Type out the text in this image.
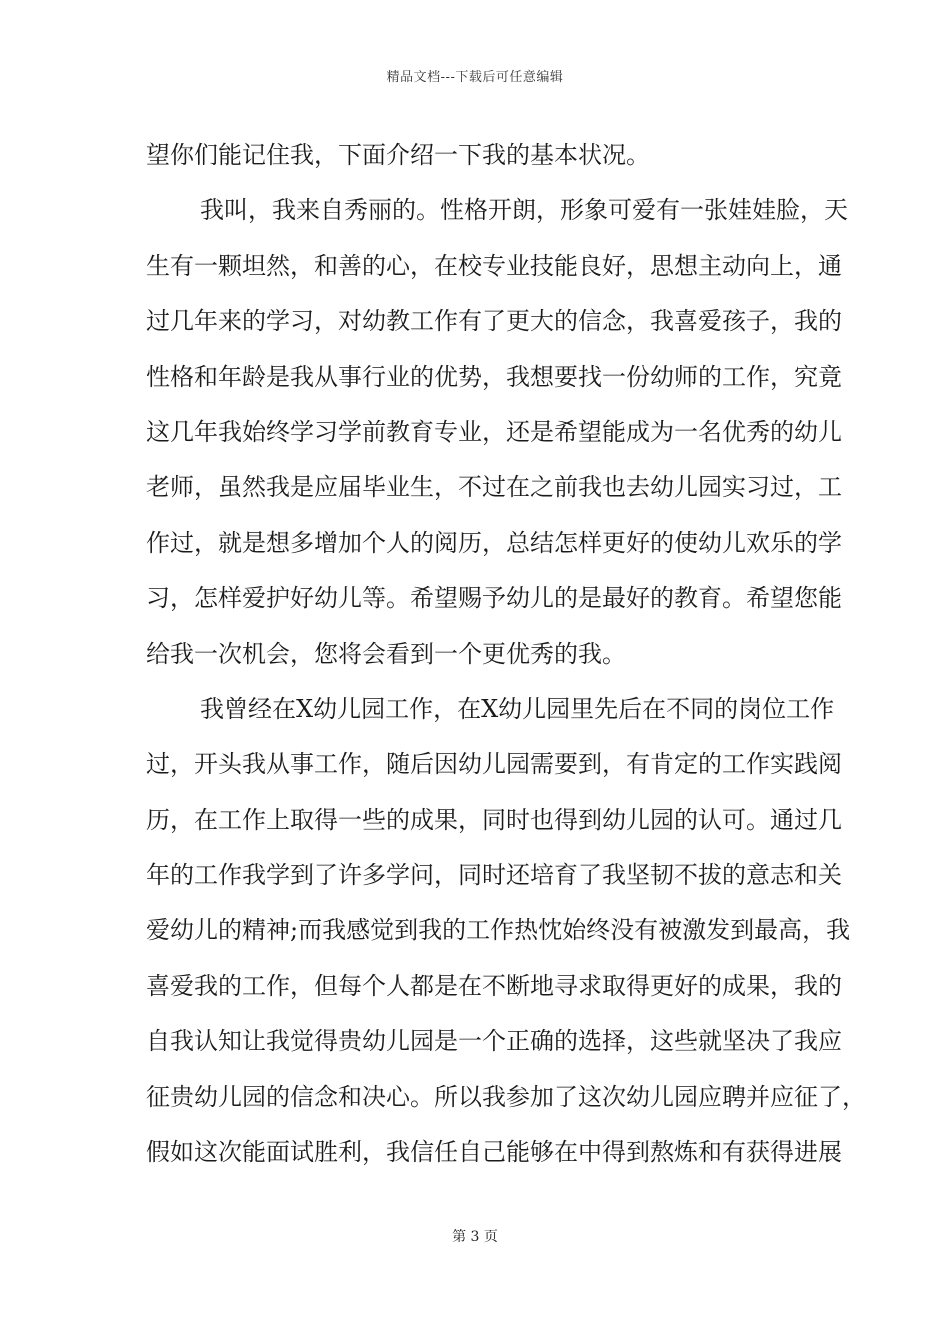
精品文档---下载后可任意编辑
望你们能记住我，下面介绍一下我的基本状况。
我叫，我来自秀丽的。性格开朗，形象可爱有一张娃娃脸，天
生有一颗坦然，和善的心，在校专业技能良好，思想主动向上，通
过几年来的学习，对幼教工作有了更大的信念，我喜爱孩子，我的
性格和年龄是我从事行业的优势，我想要找一份幼师的工作，究竟
这几年我始终学习学前教育专业，还是希望能成为一名优秀的幼儿
老师，虽然我是应届毕业生，不过在之前我也去幼儿园实习过，工
作过，就是想多增加个人的阅历，总结怎样更好的使幼儿欢乐的学
习，怎样爱护好幼儿等。希望赐予幼儿的是最好的教育。希望您能
给我一次机会，您将会看到一个更优秀的我。
我曾经在X幼儿园工作，在X幼儿园里先后在不同的岗位工作
过，开头我从事工作，随后因幼儿园需要到，有肯定的工作实践阅
历，在工作上取得一些的成果，同时也得到幼儿园的认可。通过几
年的工作我学到了许多学问，同时还培育了我坚韧不拔的意志和关
爱幼儿的精神;而我感觉到我的工作热忱始终没有被激发到最高，我
喜爱我的工作，但每个人都是在不断地寻求取得更好的成果，我的
自我认知让我觉得贵幼儿园是一个正确的选择，这些就坚决了我应
征贵幼儿园的信念和决心。所以我参加了这次幼儿园应聘并应征了，
假如这次能面试胜利，我信任自己能够在中得到熬炼和有获得进展
第 3 页
